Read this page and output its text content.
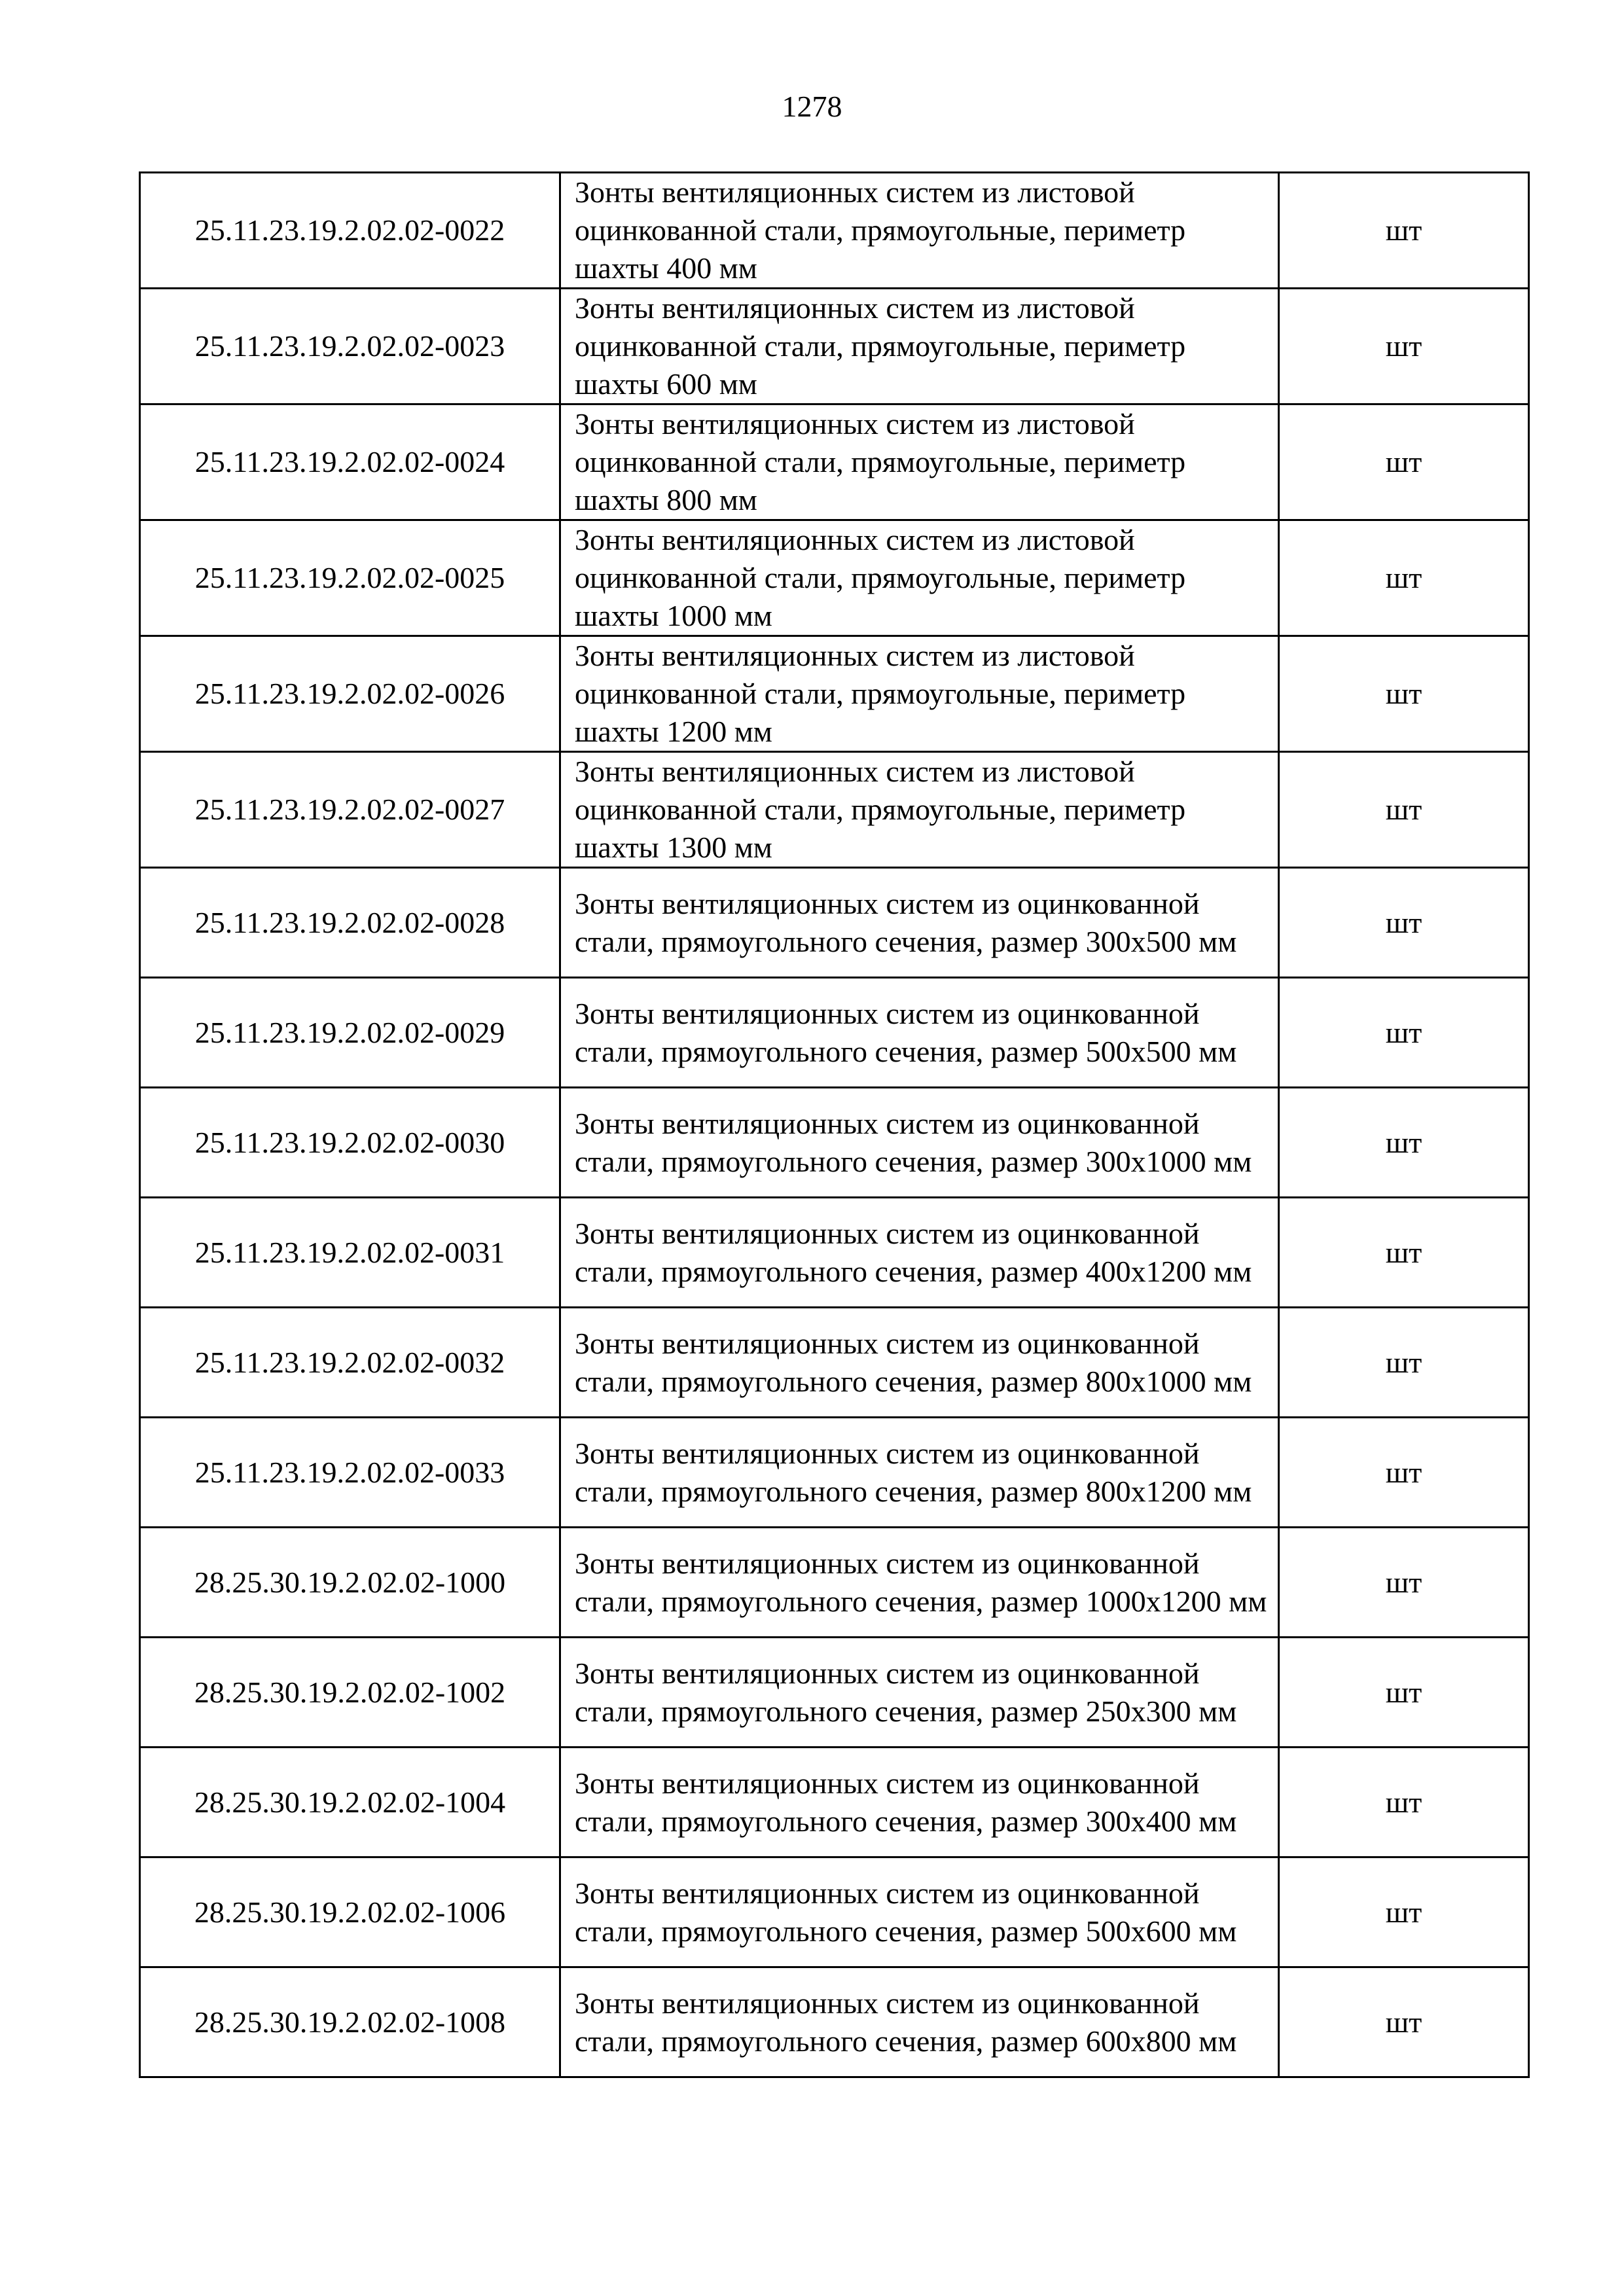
1278
25.11.23.19.2.02.02-0022	Зонты вентиляционных систем из листовой оцинкованной стали, прямоугольные, периметр шахты 400 мм	шт
25.11.23.19.2.02.02-0023	Зонты вентиляционных систем из листовой оцинкованной стали, прямоугольные, периметр шахты 600 мм	шт
25.11.23.19.2.02.02-0024	Зонты вентиляционных систем из листовой оцинкованной стали, прямоугольные, периметр шахты 800 мм	шт
25.11.23.19.2.02.02-0025	Зонты вентиляционных систем из листовой оцинкованной стали, прямоугольные, периметр шахты 1000 мм	шт
25.11.23.19.2.02.02-0026	Зонты вентиляционных систем из листовой оцинкованной стали, прямоугольные, периметр шахты 1200 мм	шт
25.11.23.19.2.02.02-0027	Зонты вентиляционных систем из листовой оцинкованной стали, прямоугольные, периметр шахты 1300 мм	шт
25.11.23.19.2.02.02-0028	Зонты вентиляционных систем из оцинкованной стали, прямоугольного сечения, размер 300х500 мм	шт
25.11.23.19.2.02.02-0029	Зонты вентиляционных систем из оцинкованной стали, прямоугольного сечения, размер 500х500 мм	шт
25.11.23.19.2.02.02-0030	Зонты вентиляционных систем из оцинкованной стали, прямоугольного сечения, размер 300х1000 мм	шт
25.11.23.19.2.02.02-0031	Зонты вентиляционных систем из оцинкованной стали, прямоугольного сечения, размер 400х1200 мм	шт
25.11.23.19.2.02.02-0032	Зонты вентиляционных систем из оцинкованной стали, прямоугольного сечения, размер 800х1000 мм	шт
25.11.23.19.2.02.02-0033	Зонты вентиляционных систем из оцинкованной стали, прямоугольного сечения, размер 800х1200 мм	шт
28.25.30.19.2.02.02-1000	Зонты вентиляционных систем из оцинкованной стали, прямоугольного сечения, размер 1000х1200 мм	шт
28.25.30.19.2.02.02-1002	Зонты вентиляционных систем из оцинкованной стали, прямоугольного сечения, размер 250х300 мм	шт
28.25.30.19.2.02.02-1004	Зонты вентиляционных систем из оцинкованной стали, прямоугольного сечения, размер 300х400 мм	шт
28.25.30.19.2.02.02-1006	Зонты вентиляционных систем из оцинкованной стали, прямоугольного сечения, размер 500х600 мм	шт
28.25.30.19.2.02.02-1008	Зонты вентиляционных систем из оцинкованной стали, прямоугольного сечения, размер 600х800 мм	шт
